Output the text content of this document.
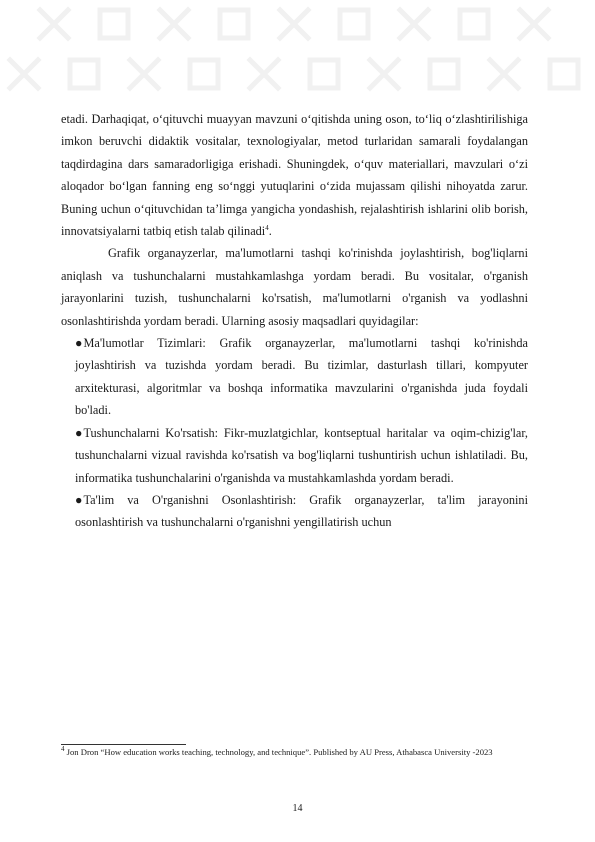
etadi. Darhaqiqat, o‘qituvchi muayyan mavzuni o‘qitishda uning oson, to‘liq o‘zlashtirilishiga imkon beruvchi didaktik vositalar, texnologiyalar, metod turlaridan samarali foydalangan taqdirdagina dars samaradorligiga erishadi. Shuningdek, o‘quv materiallari, mavzulari o‘zi aloqador bo‘lgan fanning eng so‘nggi yutuqlarini o‘zida mujassam qilishi nihoyatda zarur. Buning uchun o‘qituvchidan ta’limga yangicha yondashish, rejalashtirish ishlarini olib borish, innovatsiyalarni tatbiq etish talab qilinadi$^4$.

Grafik organayzerlar, ma'lumotlarni tashqi ko'rinishda joylashtirish, bog'liqlarni aniqlash va tushunchalarni mustahkamlashga yordam beradi. Bu vositalar, o'rganish jarayonlarini tuzish, tushunchalarni ko'rsatish, ma'lumotlarni o'rganish va yodlashni osonlashtirishda yordam beradi. Ularning asosiy maqsadlari quyidagilar:

●Ma'lumotlar Tizimlari: Grafik organayzerlar, ma'lumotlarni tashqi ko'rinishda joylashtirish va tuzishda yordam beradi. Bu tizimlar, dasturlash tillari, kompyuter arxitekturasi, algoritmlar va boshqa informatika mavzularini o'rganishda juda foydali bo'ladi.

●Tushunchalarni Ko'rsatish: Fikr-muzlatgichlar, kontseptual haritalar va oqim-chizig'lar, tushunchalarni vizual ravishda ko'rsatish va bog'liqlarni tushuntirish uchun ishlatiladi. Bu, informatika tushunchalarini o'rganishda va mustahkamlashda yordam beradi.

●Ta'lim va O'rganishni Osonlashtirish: Grafik organayzerlar, ta'lim jarayonini osonlashtirish va tushunchalarni o'rganishni yengillatirish uchun

$^4$ Jon Dron “How education works teaching, technology, and technique”. Published by AU Press, Athabasca University -2023
14
